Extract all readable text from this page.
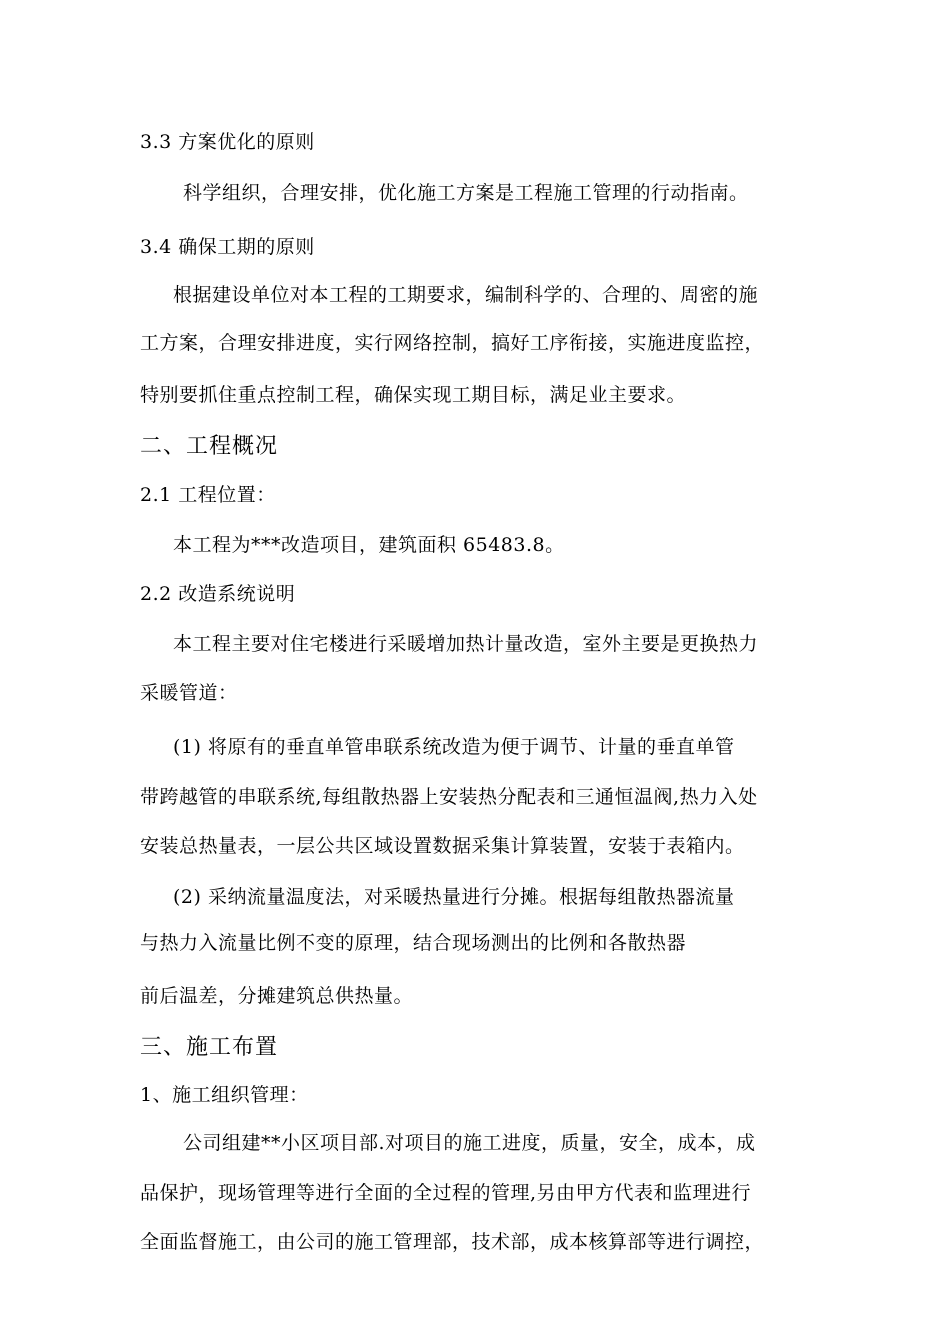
3.3 方案优化的原则
科学组织，合理安排，优化施工方案是工程施工管理的行动指南。
3.4 确保工期的原则
根据建设单位对本工程的工期要求，编制科学的、合理的、周密的施
工方案，合理安排进度，实行网络控制，搞好工序衔接，实施进度监控，
特别要抓住重点控制工程，确保实现工期目标，满足业主要求。
二、工程概况
2.1 工程位置：
本工程为***改造项目，建筑面积 65483.8。
2.2 改造系统说明
本工程主要对住宅楼进行采暖增加热计量改造，室外主要是更换热力
采暖管道：
(1) 将原有的垂直单管串联系统改造为便于调节、计量的垂直单管
带跨越管的串联系统,每组散热器上安装热分配表和三通恒温阀,热力入处
安装总热量表，一层公共区域设置数据采集计算装置，安装于表箱内。
(2) 采纳流量温度法，对采暖热量进行分摊。根据每组散热器流量
与热力入流量比例不变的原理，结合现场测出的比例和各散热器
前后温差，分摊建筑总供热量。
三、施工布置
1、施工组织管理：
公司组建**小区项目部.对项目的施工进度，质量，安全，成本，成
品保护，现场管理等进行全面的全过程的管理,另由甲方代表和监理进行
全面监督施工，由公司的施工管理部，技术部，成本核算部等进行调控，
